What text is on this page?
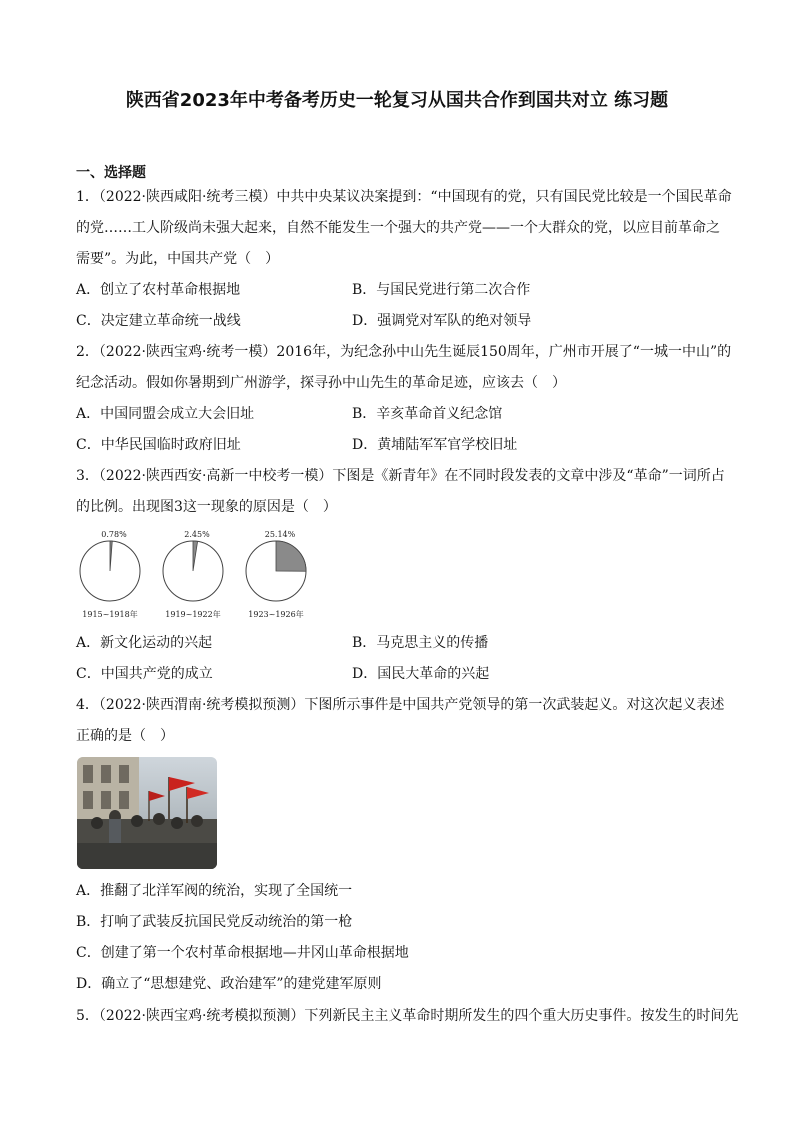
陕西省2023年中考备考历史一轮复习从国共合作到国共对立 练习题
一、选择题
1．（2022·陕西咸阳·统考三模）中共中央某议决案提到：“中国现有的党，只有国民党比较是一个国民革命
的党……工人阶级尚未强大起来，自然不能发生一个强大的共产党——一个大群众的党，以应目前革命之
需要”。为此，中国共产党（　）
A．创立了农村革命根据地	B．与国民党进行第二次合作
C．决定建立革命统一战线	D．强调党对军队的绝对领导
2．（2022·陕西宝鸡·统考一模）2016年，为纪念孙中山先生诞辰150周年，广州市开展了“一城一中山”的
纪念活动。假如你暑期到广州游学，探寻孙中山先生的革命足迹，应该去（　）
A．中国同盟会成立大会旧址	B．辛亥革命首义纪念馆
C．中华民国临时政府旧址	D．黄埔陆军军官学校旧址
3．（2022·陕西西安·高新一中校考一模）下图是《新青年》在不同时段发表的文章中涉及“革命”一词所占
的比例。出现图3这一现象的原因是（　）
0.78%
1915~1918年
2.45%
1919~1922年
25.14%
1923~1926年
A．新文化运动的兴起	B．马克思主义的传播
C．中国共产党的成立	D．国民大革命的兴起
4．（2022·陕西渭南·统考模拟预测）下图所示事件是中国共产党领导的第一次武装起义。对这次起义表述
正确的是（　）
A．推翻了北洋军阀的统治，实现了全国统一
B．打响了武装反抗国民党反动统治的第一枪
C．创建了第一个农村革命根据地—井冈山革命根据地
D．确立了“思想建党、政治建军”的建党建军原则
5．（2022·陕西宝鸡·统考模拟预测）下列新民主主义革命时期所发生的四个重大历史事件。按发生的时间先
